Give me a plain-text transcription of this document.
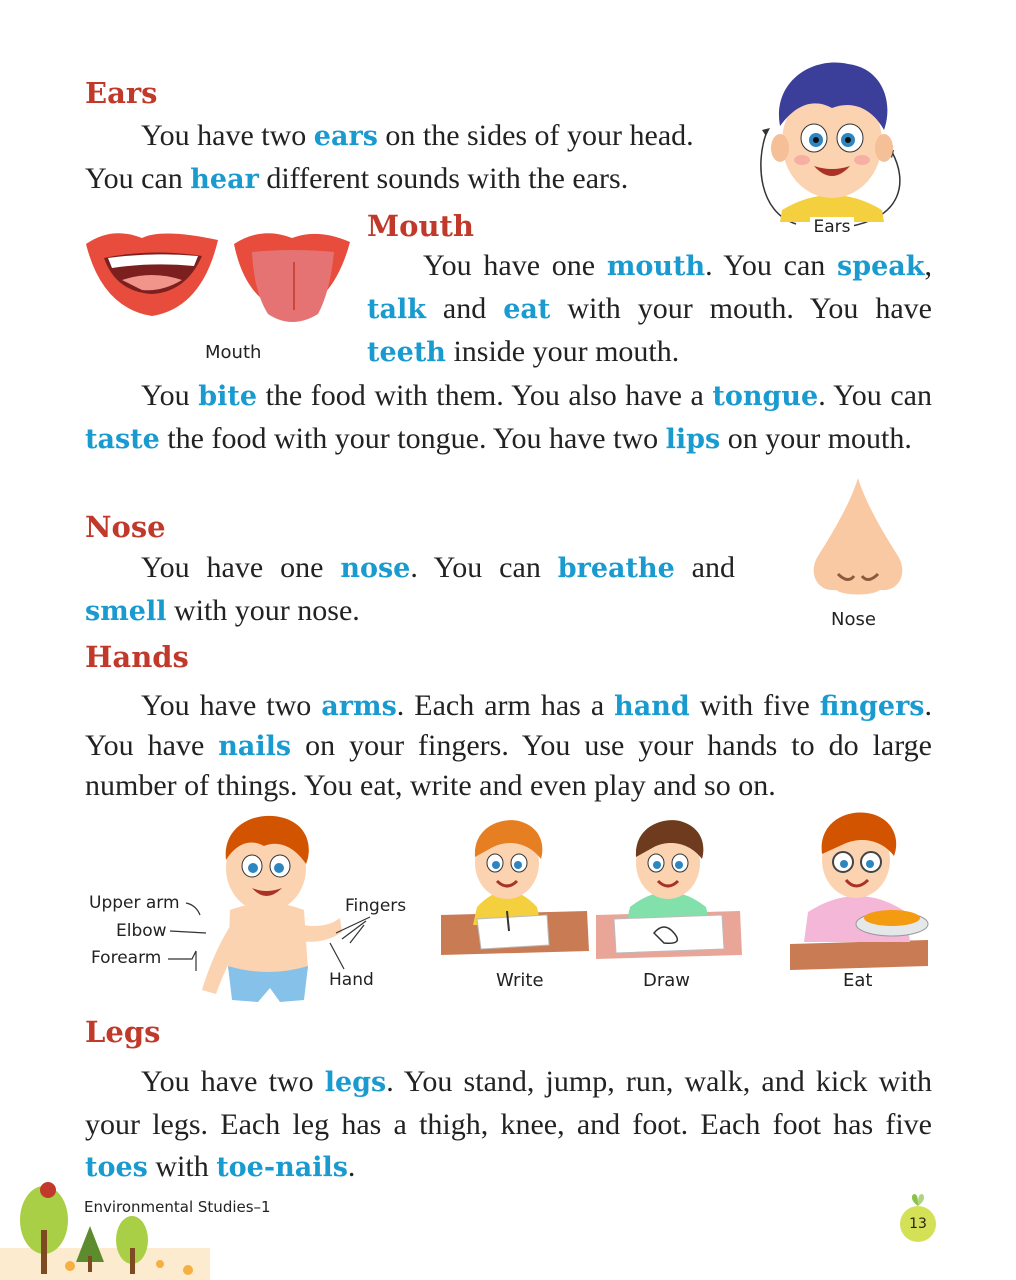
Ears
You have two ears on the sides of your head. You can hear different sounds with the ears.
Ears
Mouth
Mouth
You have one mouth. You can speak, talk and eat with your mouth. You have teeth inside your mouth.
You bite the food with them. You also have a tongue. You can taste the food with your tongue. You have two lips on your mouth.
Nose
You have one nose. You can breathe and smell with your nose.	Nose
Hands
You have two arms. Each arm has a hand with five fingers. You have nails on your fingers. You use your hands to do large number of things. You eat, write and even play and so on.
Upper arm
Elbow
Forearm
Fingers
Hand	Write	Draw	Eat
Legs
You have two legs. You stand, jump, run, walk, and kick with your legs. Each leg has a thigh, knee, and foot. Each foot has five toes with toe-nails.
Environmental Studies–1
13
